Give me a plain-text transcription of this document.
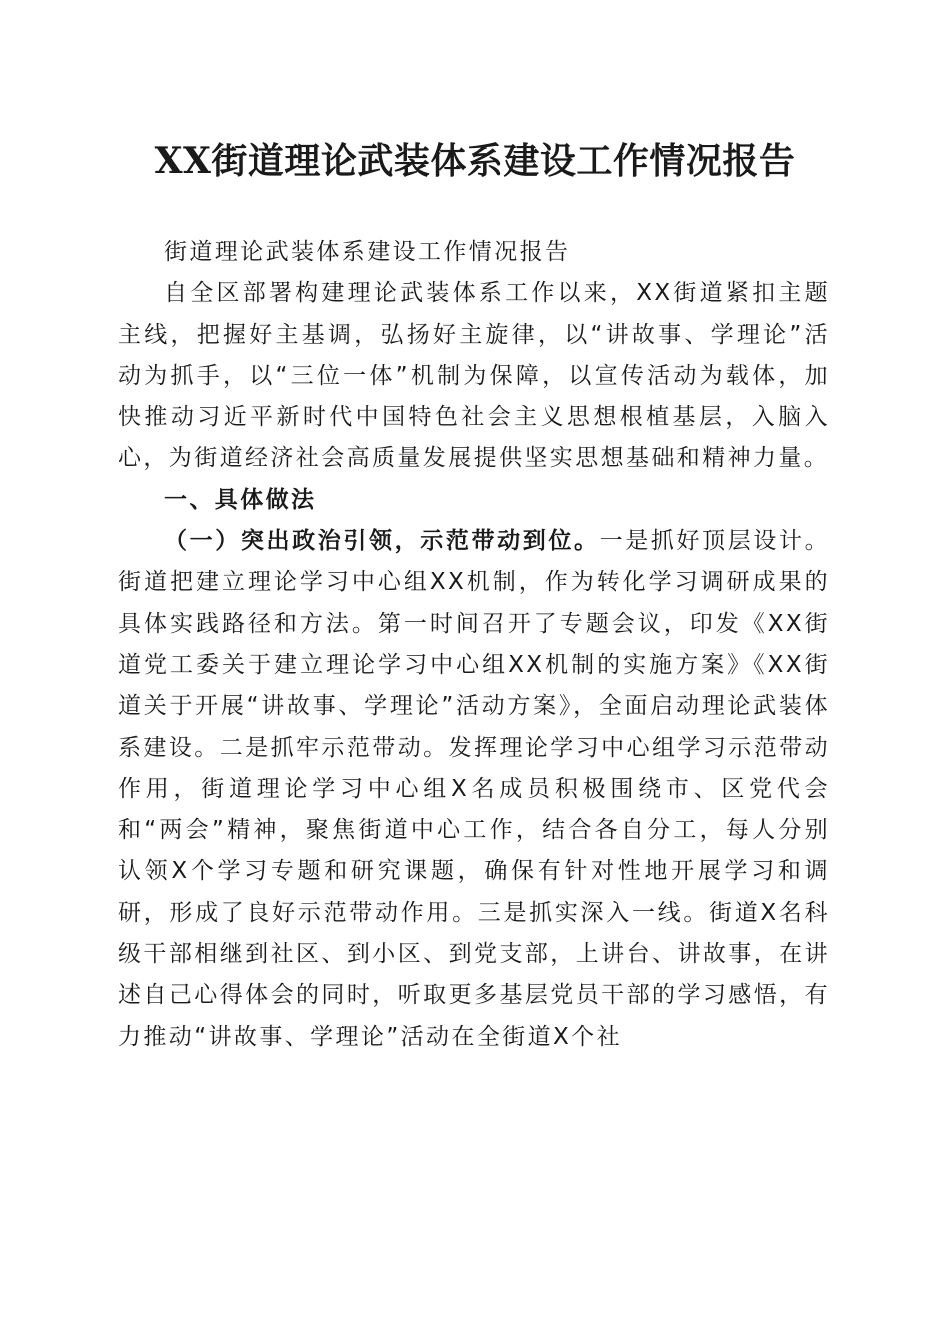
XX街道理论武装体系建设工作情况报告

街道理论武装体系建设工作情况报告

自全区部署构建理论武装体系工作以来，XX街道紧扣主题主线，把握好主基调，弘扬好主旋律，以“讲故事、学理论”活动为抓手，以“三位一体”机制为保障，以宣传活动为载体，加快推动习近平新时代中国特色社会主义思想根植基层，入脑入心，为街道经济社会高质量发展提供坚实思想基础和精神力量。

一、具体做法

（一）突出政治引领，示范带动到位。一是抓好顶层设计。街道把建立理论学习中心组XX机制，作为转化学习调研成果的具体实践路径和方法。第一时间召开了专题会议，印发《XX街道党工委关于建立理论学习中心组XX机制的实施方案》《XX街道关于开展“讲故事、学理论”活动方案》，全面启动理论武装体系建设。二是抓牢示范带动。发挥理论学习中心组学习示范带动作用，街道理论学习中心组X名成员积极围绕市、区党代会和“两会”精神，聚焦街道中心工作，结合各自分工，每人分别认领X个学习专题和研究课题，确保有针对性地开展学习和调研，形成了良好示范带动作用。三是抓实深入一线。街道X名科级干部相继到社区、到小区、到党支部，上讲台、讲故事，在讲述自己心得体会的同时，听取更多基层党员干部的学习感悟，有力推动“讲故事、学理论”活动在全街道X个社
